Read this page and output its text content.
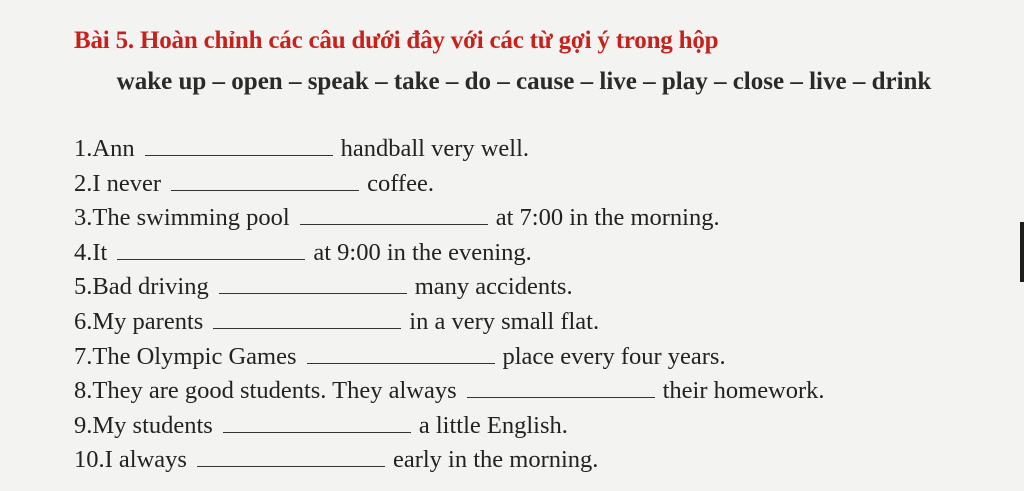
Bài 5. Hoàn chỉnh các câu dưới đây với các từ gợi ý trong hộp
wake up – open – speak – take – do – cause – live – play – close – live – drink
1.Ann	handball very well.
2.I never	coffee.
3.The swimming pool	at 7:00 in the morning.
4.It	at 9:00 in the evening.
5.Bad driving	many accidents.
6.My parents	in a very small flat.
7.The Olympic Games	place every four years.
8.They are good students. They always	their homework.
9.My students	a little English.
10.I always	early in the morning.
